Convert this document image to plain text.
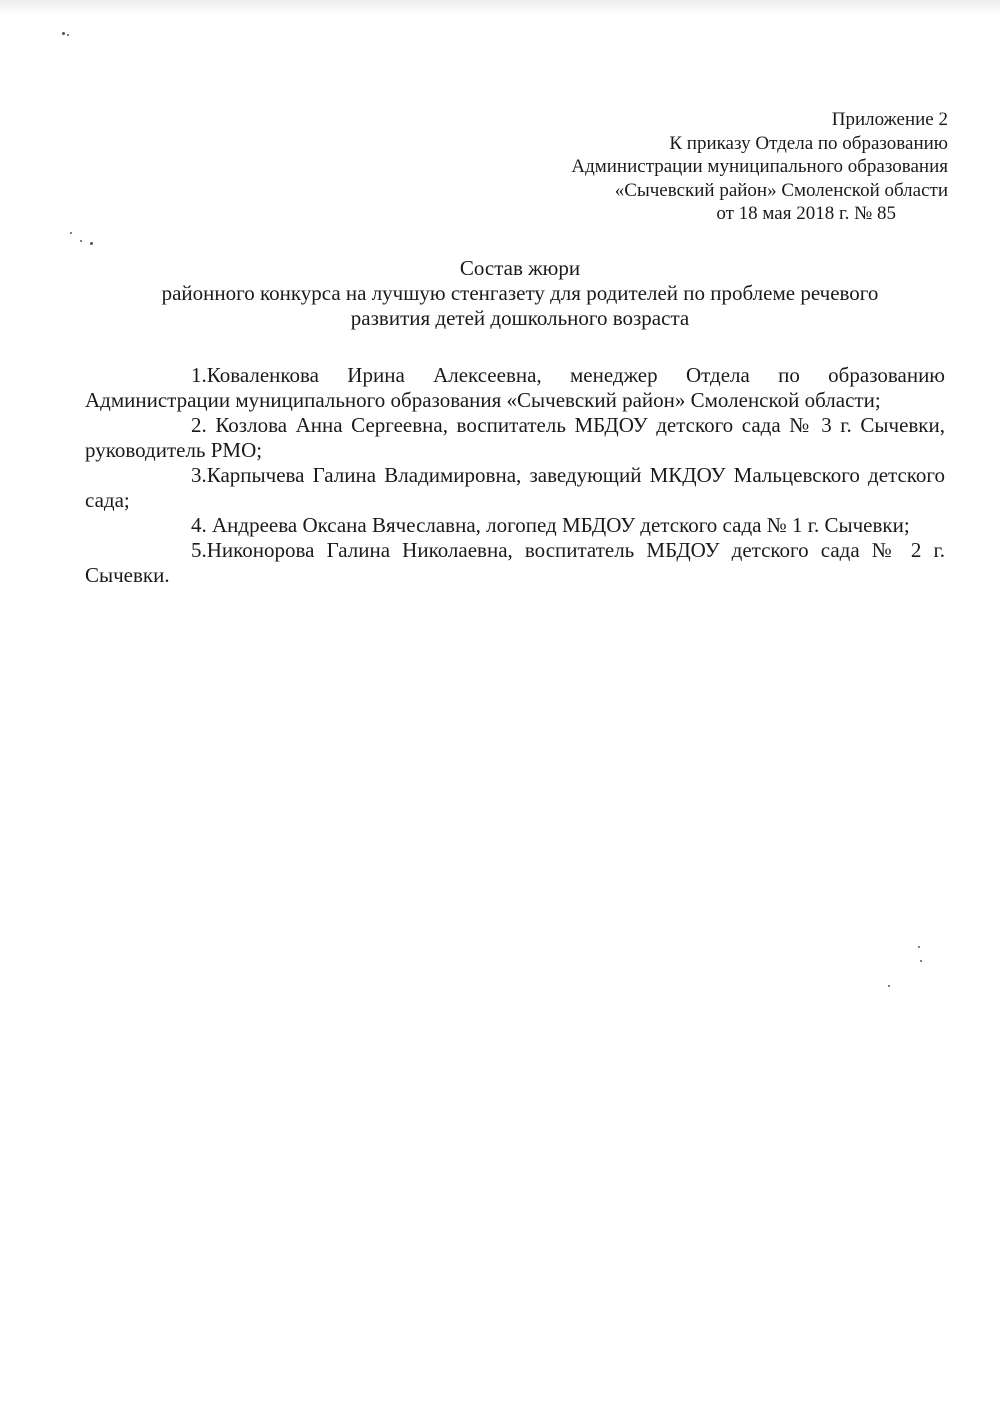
Приложение 2
К приказу Отдела по образованию
Администрации муниципального образования
«Сычевский район» Смоленской области
от 18 мая 2018 г. № 85
Состав жюри
районного конкурса на лучшую стенгазету для родителей по проблеме речевого
развития детей дошкольного возраста

1.Коваленкова Ирина Алексеевна, менеджер Отдела по образованию Администрации муниципального образования «Сычевский район» Смоленской области;

2. Козлова Анна Сергеевна, воспитатель МБДОУ детского сада № 3 г. Сычевки, руководитель РМО;

3.Карпычева Галина Владимировна, заведующий МКДОУ Мальцевского детского сада;

4. Андреева Оксана Вячеславна, логопед МБДОУ детского сада № 1 г. Сычевки;

5.Никонорова Галина Николаевна, воспитатель МБДОУ детского сада № 2 г. Сычевки.
